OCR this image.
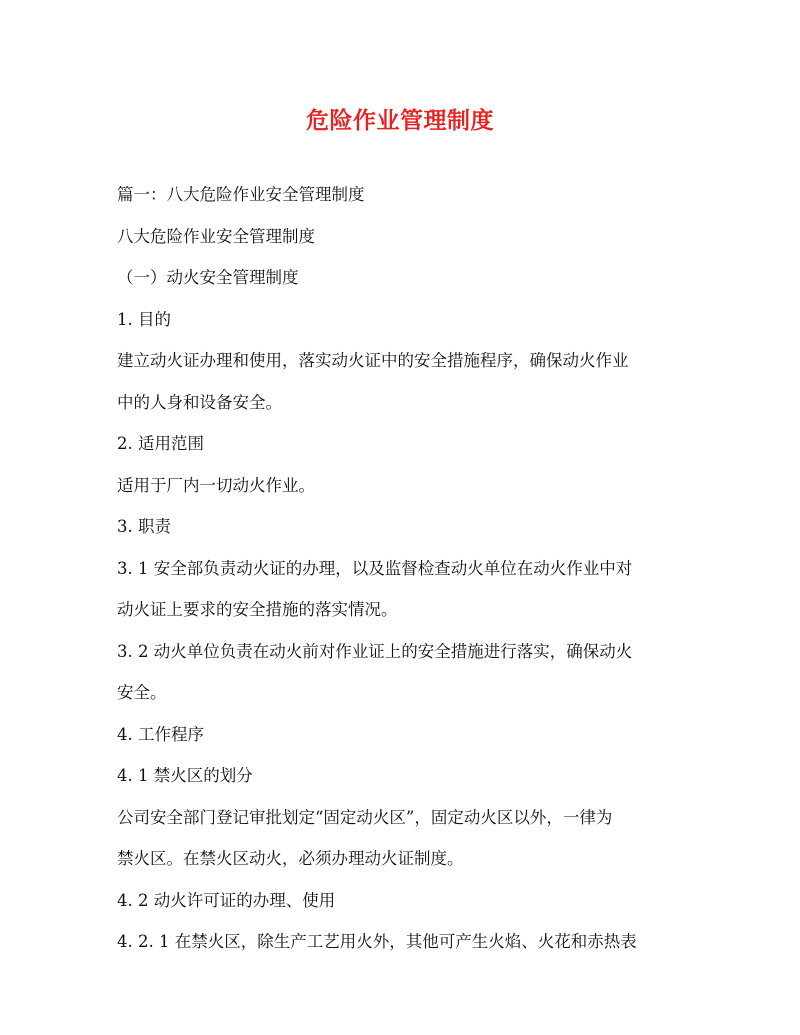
危险作业管理制度
篇一：八大危险作业安全管理制度
八大危险作业安全管理制度
（一）动火安全管理制度
1. 目的
建立动火证办理和使用，落实动火证中的安全措施程序，确保动火作业
中的人身和设备安全。
2. 适用范围
适用于厂内一切动火作业。
3. 职责
3. 1 安全部负责动火证的办理，以及监督检查动火单位在动火作业中对
动火证上要求的安全措施的落实情况。
3. 2 动火单位负责在动火前对作业证上的安全措施进行落实，确保动火
安全。
4. 工作程序
4. 1 禁火区的划分
公司安全部门登记审批划定“固定动火区”，固定动火区以外，一律为
禁火区。在禁火区动火，必须办理动火证制度。
4. 2 动火许可证的办理、使用
4. 2. 1 在禁火区，除生产工艺用火外，其他可产生火焰、火花和赤热表
